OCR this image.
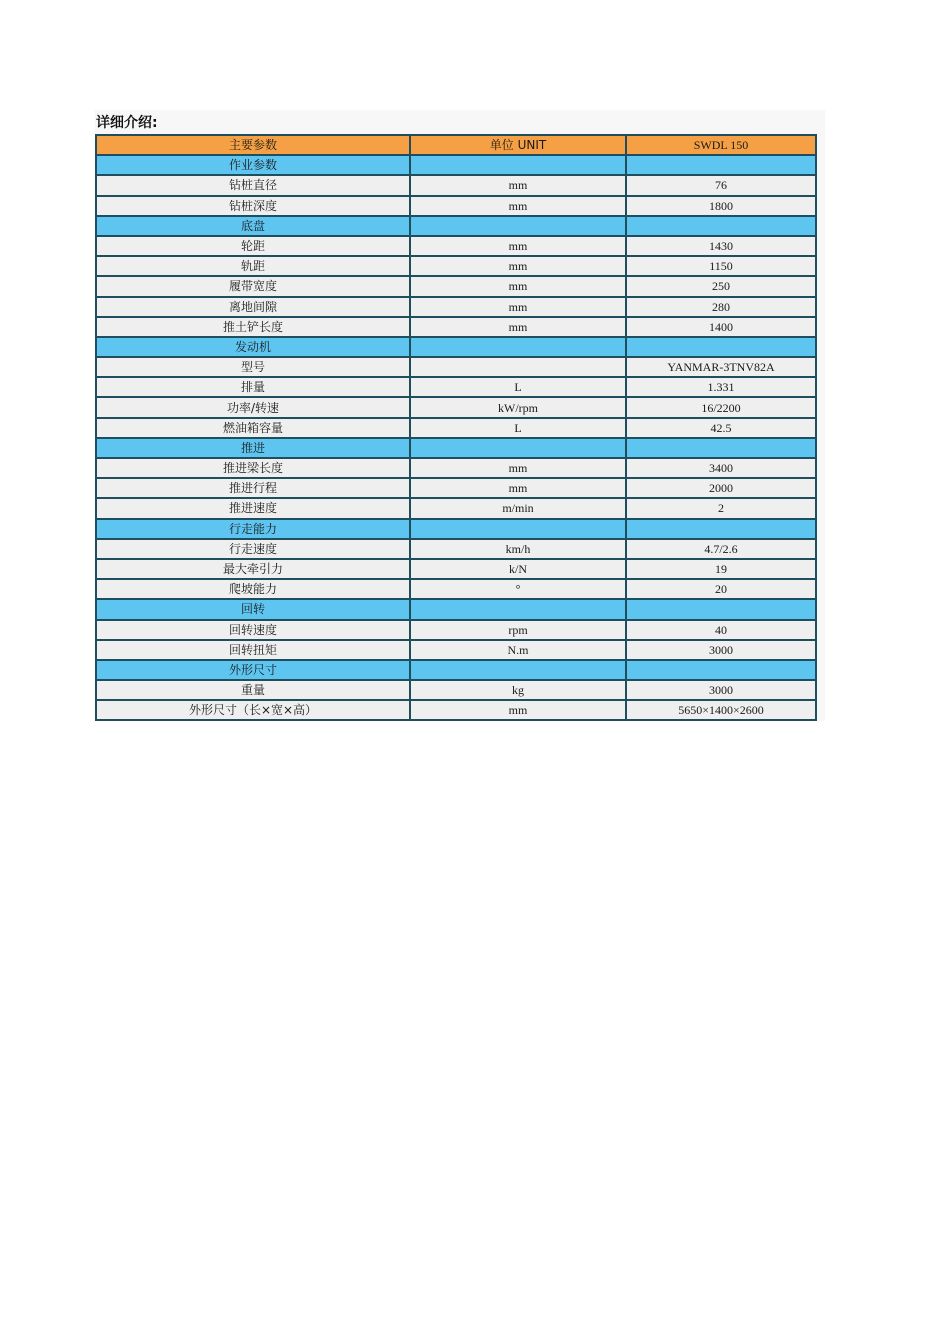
详细介绍:
主要参数	单位 UNIT	SWDL 150
作业参数		
钻桩直径	mm	76
钻桩深度	mm	1800
底盘		
轮距	mm	1430
轨距	mm	1150
履带宽度	mm	250
离地间隙	mm	280
推土铲长度	mm	1400
发动机		
型号		YANMAR-3TNV82A
排量	L	1.331
功率/转速	kW/rpm	16/2200
燃油箱容量	L	42.5
推进		
推进梁长度	mm	3400
推进行程	mm	2000
推进速度	m/min	2
行走能力		
行走速度	km/h	4.7/2.6
最大牵引力	k/N	19
爬坡能力	°	20
回转		
回转速度	rpm	40
回转扭矩	N.m	3000
外形尺寸		
重量	kg	3000
外形尺寸（长×宽×高）	mm	5650×1400×2600
